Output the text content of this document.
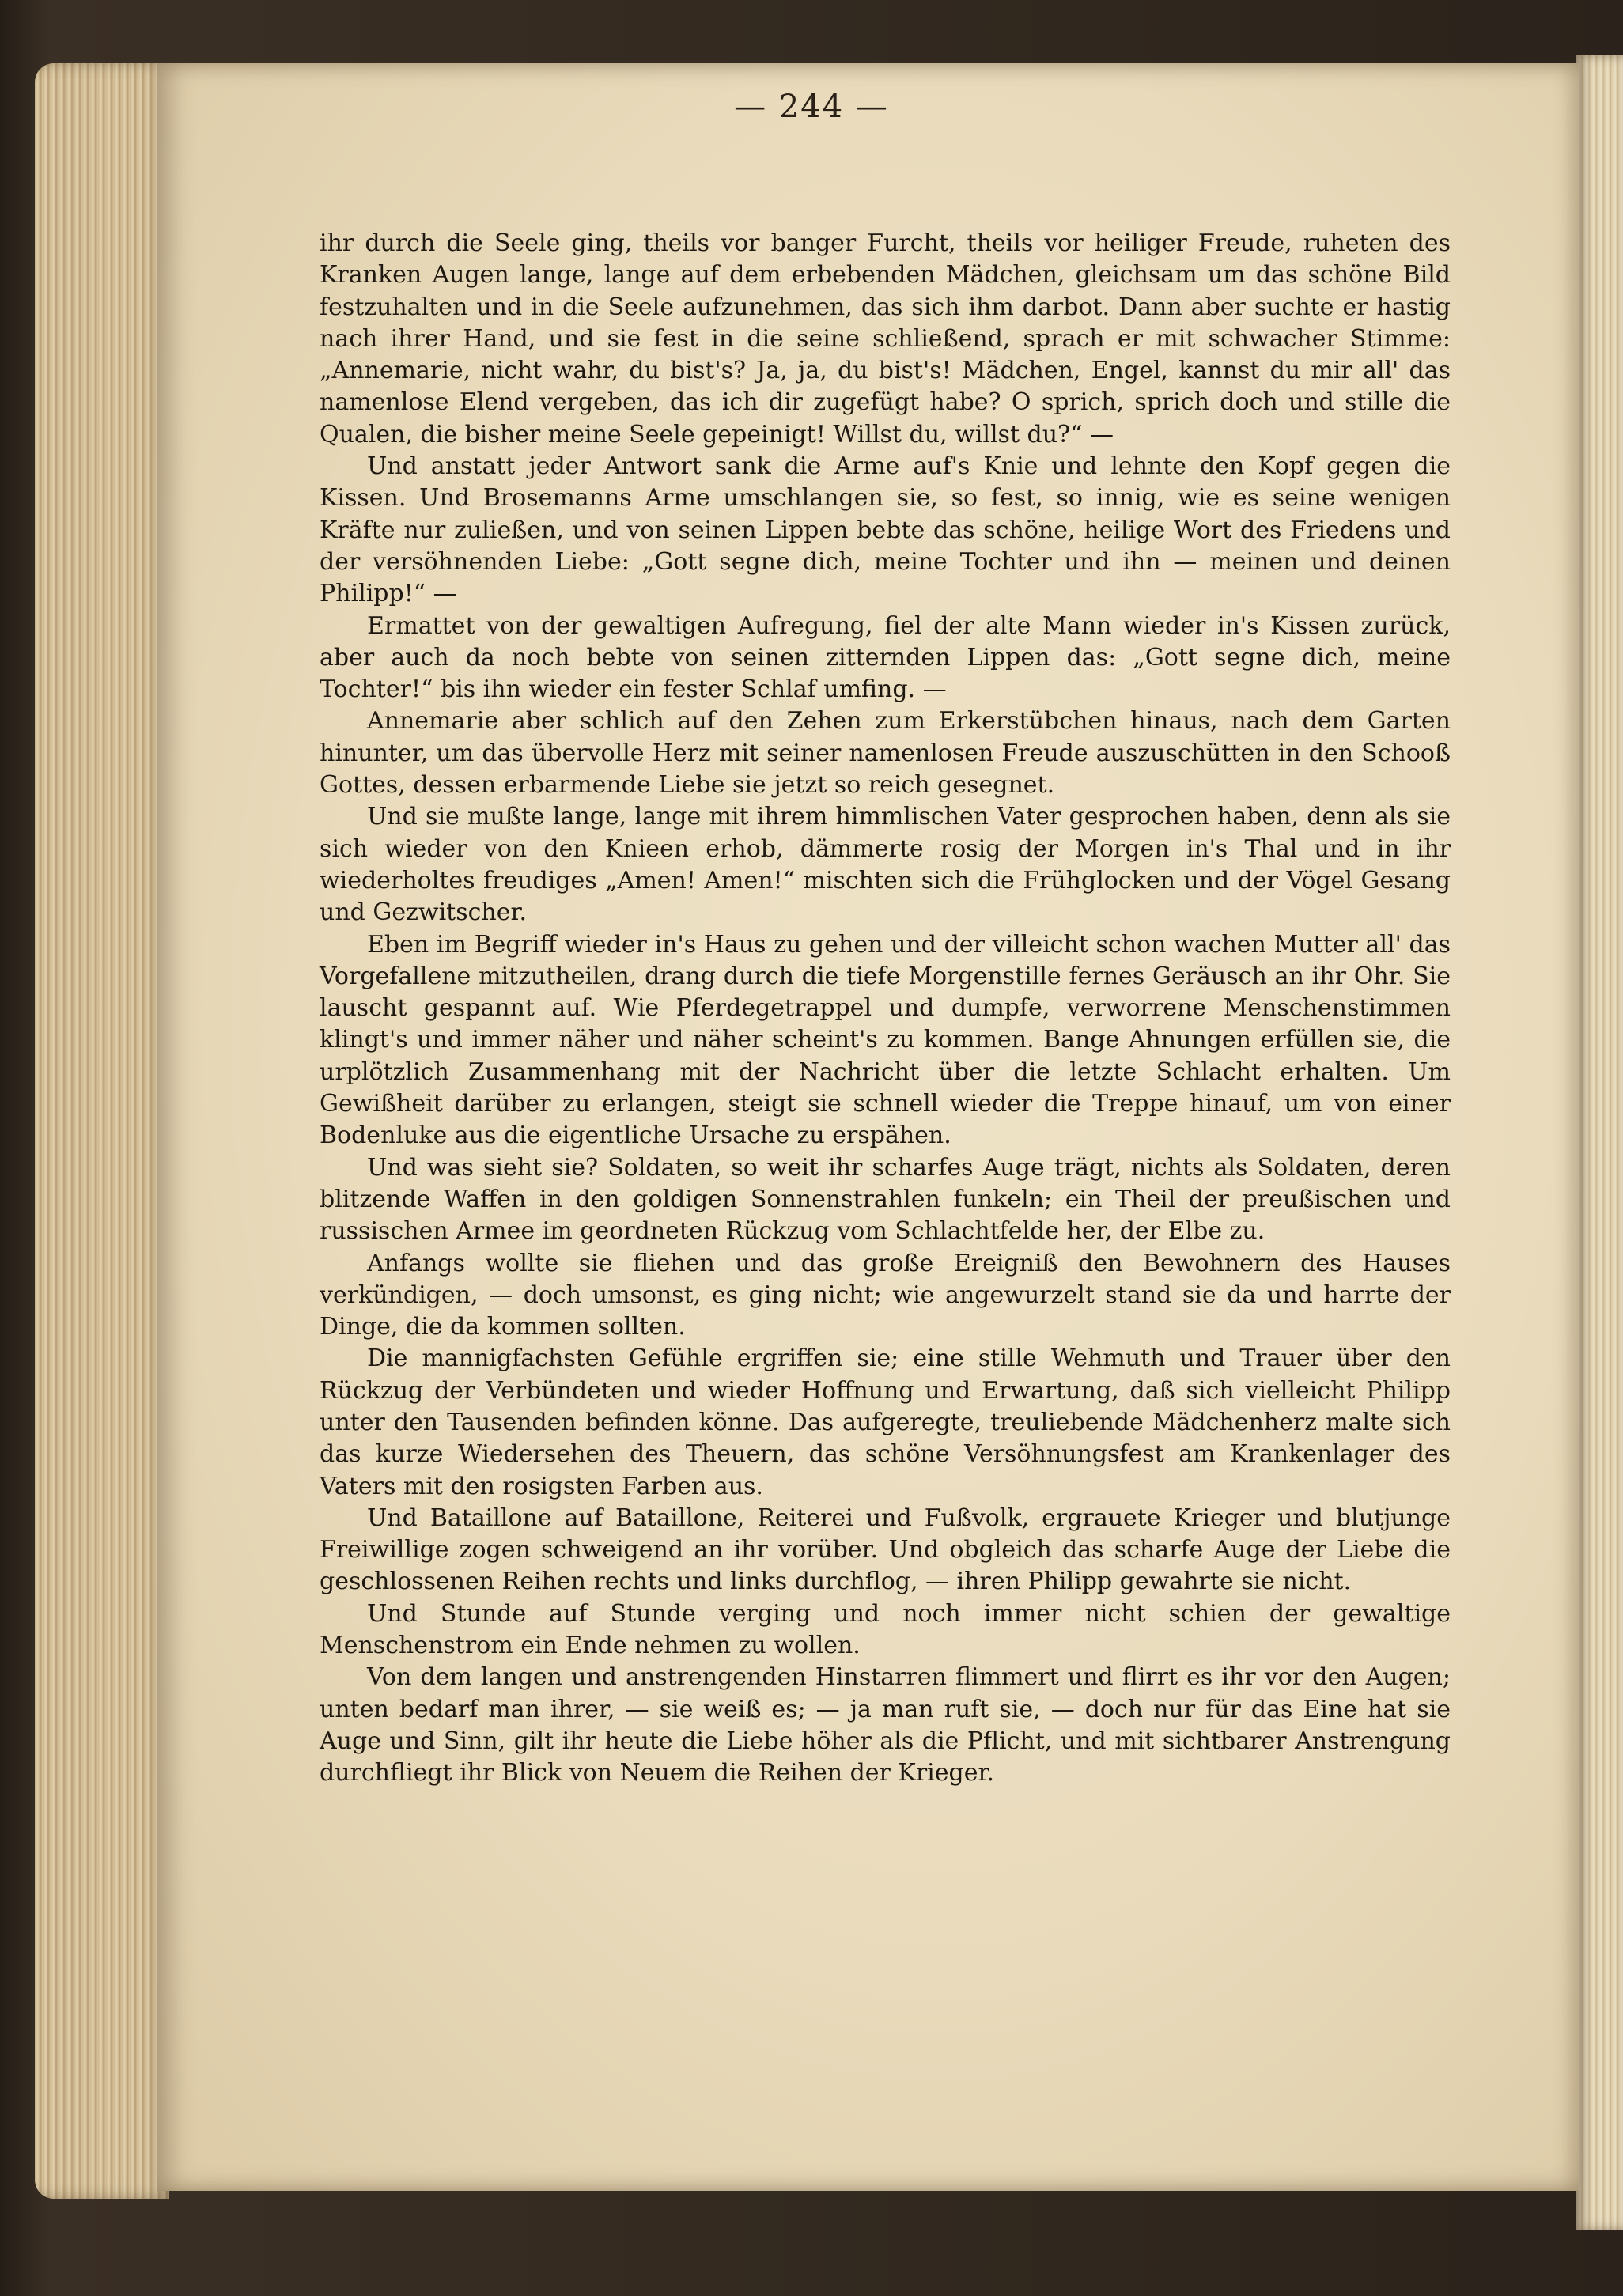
— 244 —

ihr durch die Seele ging, theils vor banger Furcht, theils vor heiliger Freude, ruheten des Kranken Augen lange, lange auf dem erbebenden Mädchen, gleichsam um das schöne Bild festzuhalten und in die Seele aufzunehmen, das sich ihm darbot. Dann aber suchte er hastig nach ihrer Hand, und sie fest in die seine schließend, sprach er mit schwacher Stimme: „Annemarie, nicht wahr, du bist's? Ja, ja, du bist's! Mädchen, Engel, kannst du mir all' das namenlose Elend vergeben, das ich dir zugefügt habe? O sprich, sprich doch und stille die Qualen, die bisher meine Seele gepeinigt! Willst du, willst du?“ —

Und anstatt jeder Antwort sank die Arme auf's Knie und lehnte den Kopf gegen die Kissen. Und Brosemanns Arme umschlangen sie, so fest, so innig, wie es seine wenigen Kräfte nur zuließen, und von seinen Lippen bebte das schöne, heilige Wort des Friedens und der versöhnenden Liebe: „Gott segne dich, meine Tochter und ihn — meinen und deinen Philipp!“ —

Ermattet von der gewaltigen Aufregung, fiel der alte Mann wieder in's Kissen zurück, aber auch da noch bebte von seinen zitternden Lippen das: „Gott segne dich, meine Tochter!“ bis ihn wieder ein fester Schlaf umfing. —

Annemarie aber schlich auf den Zehen zum Erkerstübchen hinaus, nach dem Garten hinunter, um das übervolle Herz mit seiner namenlosen Freude auszuschütten in den Schooß Gottes, dessen erbarmende Liebe sie jetzt so reich gesegnet.

Und sie mußte lange, lange mit ihrem himmlischen Vater gesprochen haben, denn als sie sich wieder von den Knieen erhob, dämmerte rosig der Morgen in's Thal und in ihr wiederholtes freudiges „Amen! Amen!“ mischten sich die Frühglocken und der Vögel Gesang und Gezwitscher.

Eben im Begriff wieder in's Haus zu gehen und der villeicht schon wachen Mutter all' das Vorgefallene mitzutheilen, drang durch die tiefe Morgenstille fernes Geräusch an ihr Ohr. Sie lauscht gespannt auf. Wie Pferdegetrappel und dumpfe, verworrene Menschenstimmen klingt's und immer näher und näher scheint's zu kommen. Bange Ahnungen erfüllen sie, die urplötzlich Zusammenhang mit der Nachricht über die letzte Schlacht erhalten. Um Gewißheit darüber zu erlangen, steigt sie schnell wieder die Treppe hinauf, um von einer Bodenluke aus die eigentliche Ursache zu erspähen.

Und was sieht sie? Soldaten, so weit ihr scharfes Auge trägt, nichts als Soldaten, deren blitzende Waffen in den goldigen Sonnenstrahlen funkeln; ein Theil der preußischen und russischen Armee im geordneten Rückzug vom Schlachtfelde her, der Elbe zu.

Anfangs wollte sie fliehen und das große Ereigniß den Bewohnern des Hauses verkündigen, — doch umsonst, es ging nicht; wie angewurzelt stand sie da und harrte der Dinge, die da kommen sollten.

Die mannigfachsten Gefühle ergriffen sie; eine stille Wehmuth und Trauer über den Rückzug der Verbündeten und wieder Hoffnung und Erwartung, daß sich vielleicht Philipp unter den Tausenden befinden könne. Das aufgeregte, treuliebende Mädchenherz malte sich das kurze Wiedersehen des Theuern, das schöne Versöhnungsfest am Krankenlager des Vaters mit den rosigsten Farben aus.

Und Bataillone auf Bataillone, Reiterei und Fußvolk, ergrauete Krieger und blutjunge Freiwillige zogen schweigend an ihr vorüber. Und obgleich das scharfe Auge der Liebe die geschlossenen Reihen rechts und links durchflog, — ihren Philipp gewahrte sie nicht.

Und Stunde auf Stunde verging und noch immer nicht schien der gewaltige Menschenstrom ein Ende nehmen zu wollen.

Von dem langen und anstrengenden Hinstarren flimmert und flirrt es ihr vor den Augen; unten bedarf man ihrer, — sie weiß es; — ja man ruft sie, — doch nur für das Eine hat sie Auge und Sinn, gilt ihr heute die Liebe höher als die Pflicht, und mit sichtbarer Anstrengung durchfliegt ihr Blick von Neuem die Reihen der Krieger.
